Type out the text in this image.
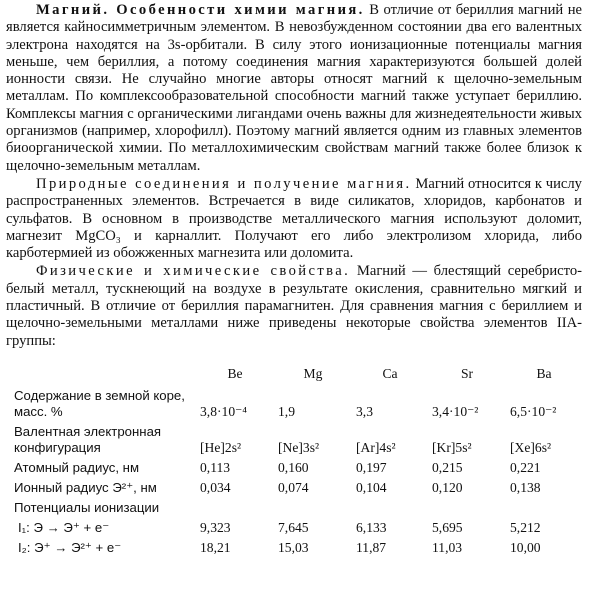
Магний. Особенности химии магния. В отличие от бериллия магний не является кайносимметричным элементом. В невозбужденном состоянии два его валентных электрона находятся на 3s-орбитали. В силу этого ионизационные потенциалы магния меньше, чем бериллия, а потому соединения магния характеризуются большей долей ионности связи. Не случайно многие авторы относят магний к щелочно-земельным металлам. По комплексообразовательной способности магний также уступает бериллию. Комплексы магния с органическими лигандами очень важны для жизнедеятельности живых организмов (например, хлорофилл). Поэтому магний является одним из главных элементов биоорганической химии. По металлохимическим свойствам магний также более близок к щелочно-земельным металлам.

Природные соединения и получение магния. Магний относится к числу распространенных элементов. Встречается в виде силикатов, хлоридов, карбонатов и сульфатов. В основном в производстве металлического магния используют доломит, магнезит MgCO₃ и карналлит. Получают его либо электролизом хлорида, либо карботермией из обожженных магнезита или доломита.

Физические и химические свойства. Магний — блестящий серебристо-белый металл, тускнеющий на воздухе в результате окисления, сравнительно мягкий и пластичный. В отличие от бериллия парамагнитен. Для сравнения магния с бериллием и щелочно-земельными металлами ниже приведены некоторые свойства элементов IIA-группы:

	Be	Mg	Ca	Sr	Ba
Содержание в земной коре, масс. %	3,8·10⁻⁴	1,9	3,3	3,4·10⁻²	6,5·10⁻²
Валентная электронная конфигурация	[He]2s²	[Ne]3s²	[Ar]4s²	[Kr]5s²	[Xe]6s²
Атомный радиус, нм	0,113	0,160	0,197	0,215	0,221
Ионный радиус Э²⁺, нм	0,034	0,074	0,104	0,120	0,138
Потенциалы ионизации					
I₁: Э → Э⁺ + e⁻	9,323	7,645	6,133	5,695	5,212
I₂: Э⁺ → Э²⁺ + e⁻	18,21	15,03	11,87	11,03	10,00
